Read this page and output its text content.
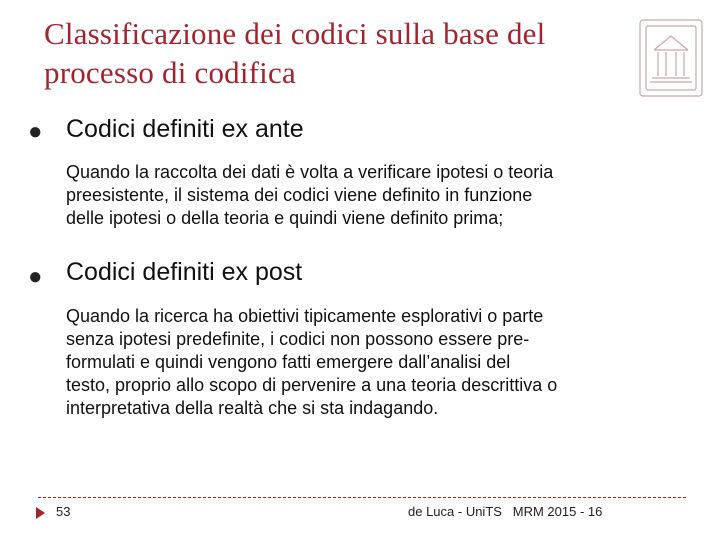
Classificazione dei codici sulla base del
processo di codifica
● Codici definiti ex ante
Quando la raccolta dei dati è volta a verificare ipotesi o teoria
preesistente, il sistema dei codici viene definito in funzione
delle ipotesi o della teoria e quindi viene definito prima;
● Codici definiti ex post
Quando la ricerca ha obiettivi tipicamente esplorativi o parte
senza ipotesi predefinite, i codici non possono essere pre-
formulati e quindi vengono fatti emergere dall’analisi del
testo, proprio allo scopo di pervenire a una teoria descrittiva o
interpretativa della realtà che si sta indagando.
53	de Luca - UniTS   MRM 2015 - 16
